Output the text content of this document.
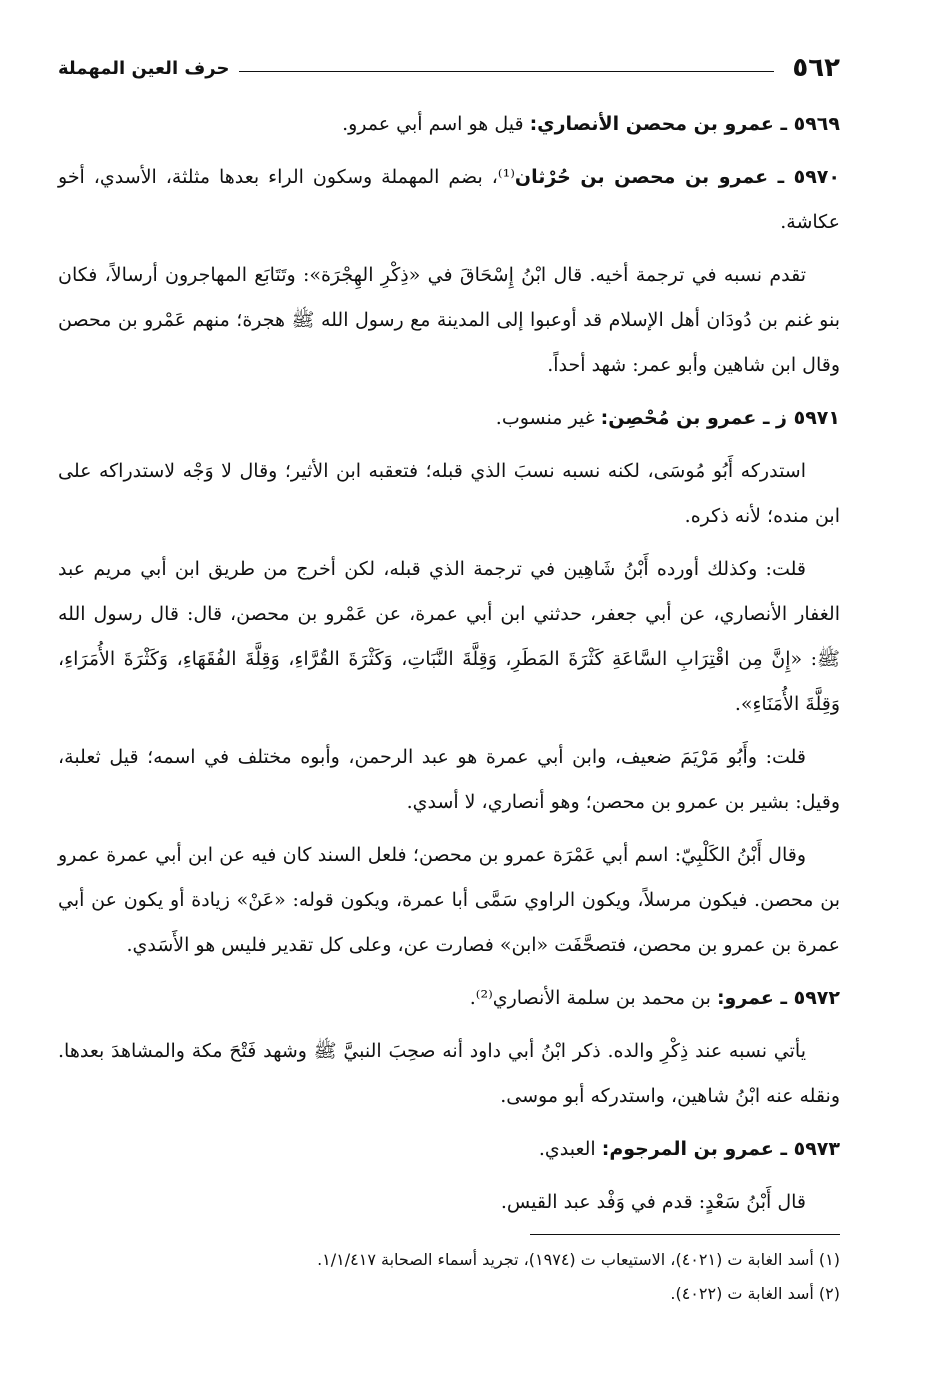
٥٦٢
حرف العين المهملة
٥٩٦٩ ـ عمرو بن محصن الأنصاري: قيل هو اسم أبي عمرو.
٥٩٧٠ ـ عمرو بن محصن بن حُرْثان⁽¹⁾، بضم المهملة وسكون الراء بعدها مثلثة، الأسدي، أخو عكاشة.
تقدم نسبه في ترجمة أخيه. قال ابْنُ إِسْحَاقَ في «ذِكْرِ الهِجْرَة»: وتَتَابَع المهاجرون أرسالاً، فكان بنو غنم بن دُودَان أهل الإسلام قد أوعبوا إلى المدينة مع رسول الله ﷺ هجرة؛ منهم عَمْرو بن محصن وقال ابن شاهين وأبو عمر: شهد أحداً.
٥٩٧١ ز ـ عمرو بن مُحْصِن: غير منسوب.
استدركه أَبُو مُوسَى، لكنه نسبه نسبَ الذي قبله؛ فتعقبه ابن الأثير؛ وقال لا وَجْه لاستدراكه على ابن منده؛ لأنه ذكره.
قلت: وكذلك أورده أَبْنُ شَاهِين في ترجمة الذي قبله، لكن أخرج من طريق ابن أبي مريم عبد الغفار الأنصاري، عن أبي جعفر، حدثني ابن أبي عمرة، عن عَمْرو بن محصن، قال: قال رسول الله ﷺ: «إِنَّ مِن اقْتِرَابِ السَّاعَةِ كَثْرَةَ المَطَرِ، وَقِلَّةَ النَّبَاتِ، وَكَثْرَةَ القُرَّاءِ، وَقِلَّةَ الفُقَهَاءِ، وَكَثْرَةَ الأُمَرَاءِ، وَقِلَّةَ الأُمَنَاءِ».
قلت: وأَبُو مَرْيَمَ ضعيف، وابن أبي عمرة هو عبد الرحمن، وأبوه مختلف في اسمه؛ قيل ثعلبة، وقيل: بشير بن عمرو بن محصن؛ وهو أنصاري، لا أسدي.
وقال أَبْنُ الكَلْبِيّ: اسم أبي عَمْرَة عمرو بن محصن؛ فلعل السند كان فيه عن ابن أبي عمرة عمرو بن محصن. فيكون مرسلاً، ويكون الراوي سَمَّى أبا عمرة، ويكون قوله: «عَنْ» زيادة أو يكون عن أبي عمرة بن عمرو بن محصن، فتصحَّفَت «ابن» فصارت عن، وعلى كل تقدير فليس هو الأَسَدي.
٥٩٧٢ ـ عمرو: بن محمد بن سلمة الأنصاري⁽²⁾.
يأتي نسبه عند ذِكْرِ والده. ذكر ابْنُ أبي داود أنه صحِبَ النبيَّ ﷺ وشهد فَتْحَ مكة والمشاهدَ بعدها. ونقله عنه ابْنُ شاهين، واستدركه أبو موسى.
٥٩٧٣ ـ عمرو بن المرجوم: العبدي.
قال أَبْنُ سَعْدٍ: قدم في وَفْد عبد القيس.
(١) أسد الغابة ت (٤٠٢١)، الاستيعاب ت (١٩٧٤)، تجريد أسماء الصحابة ١/١/٤١٧.
(٢) أسد الغابة ت (٤٠٢٢).
